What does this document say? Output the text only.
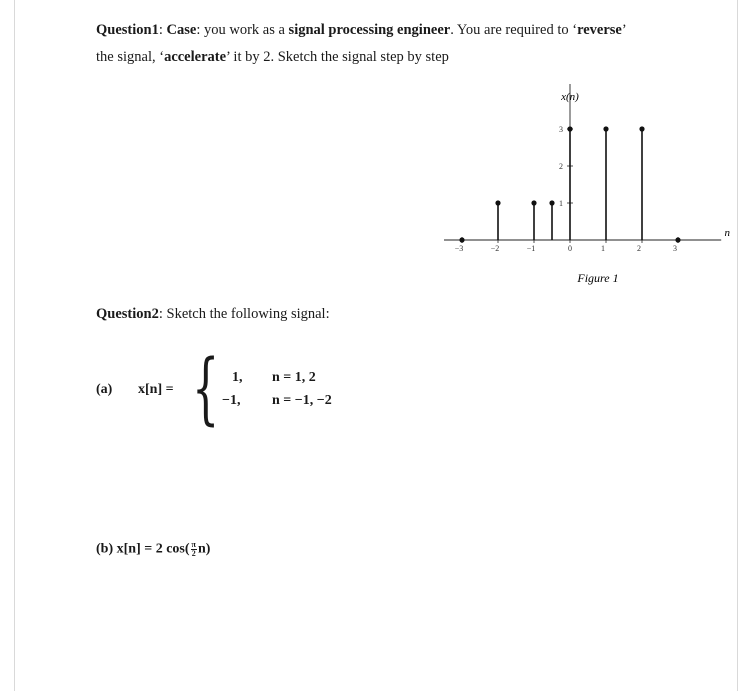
Question1: Case: you work as a signal processing engineer. You are required to ‘reverse’
the signal, ‘accelerate’ it by 2. Sketch the signal step by step
−3	−2	−1	0	1	2	3
1
2
3
x(n)
n
Figure 1
Question2: Sketch the following signal:
(a) x[n] = { 1,
−1,
n = 1, 2
n = −1, −2
(b) x[n] = 2 $\cos( \frac{\pi}{2} n)$
